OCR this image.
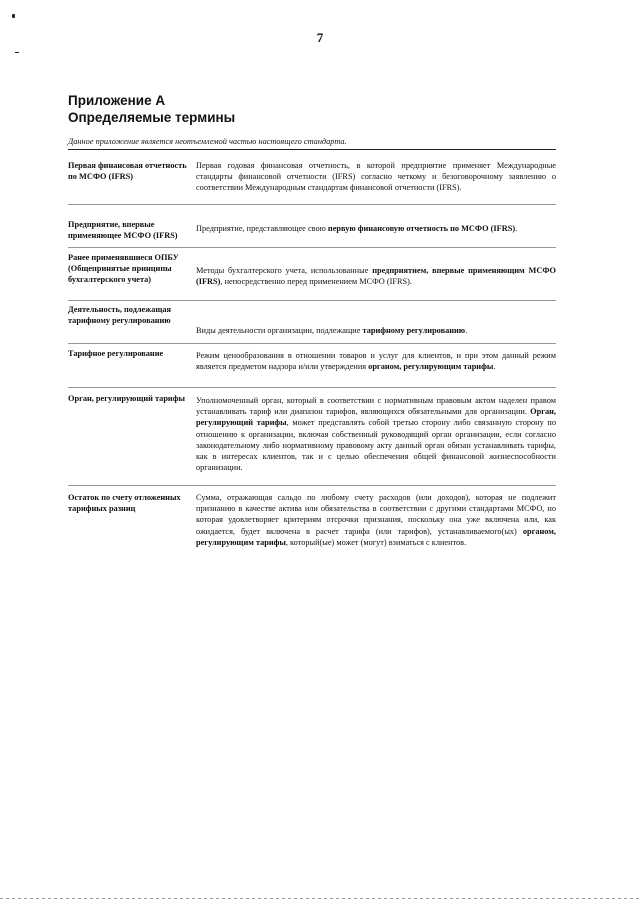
7
Приложение А
Определяемые термины
Данное приложение является неотъемлемой частью настоящего стандарта.
Первая финансовая отчетность по МСФО (IFRS)
Первая годовая финансовая отчетность, в которой предприятие применяет Международные стандарты финансовой отчетности (IFRS) согласно четкому и безоговорочному заявлению о соответствии Международным стандартам финансовой отчетности (IFRS).
Предприятие, впервые применяющее МСФО (IFRS)
Предприятие, представляющее свою первую финансовую отчетность по МСФО (IFRS).
Ранее применявшиеся ОПБУ (Общепринятые принципы бухгалтерского учета)
Методы бухгалтерского учета, использованные предприятием, впервые применяющим МСФО (IFRS), непосредственно перед применением МСФО (IFRS).
Деятельность, подлежащая тарифному регулированию
Виды деятельности организации, подлежащие тарифному регулированию.
Тарифное регулирование	Режим ценообразования в отношении товаров и услуг для клиентов, и при этом данный режим является предметом надзора и/или утверждения органом, регулирующим тарифы.
Орган, регулирующий тарифы	Уполномоченный орган, который в соответствии с нормативным правовым актом наделен правом устанавливать тариф или диапазон тарифов, являющихся обязательными для организации. Орган, регулирующий тарифы, может представлять собой третью сторону либо связанную сторону по отношению к организации, включая собственный руководящий орган организации, если согласно законодательному либо нормативному правовому акту данный орган обязан устанавливать тарифы, как в интересах клиентов, так и с целью обеспечения общей финансовой жизнеспособности организации.
Остаток по счету отложенных тарифных разниц
Сумма, отражающая сальдо по любому счету расходов (или доходов), которая не подлежит признанию в качестве актива или обязательства в соответствии с другими стандартами МСФО, но которая удовлетворяет критериям отсрочки признания, поскольку она уже включена или, как ожидается, будет включена в расчет тарифа (или тарифов), устанавливаемого(ых) органом, регулирующим тарифы, который(ые) может (могут) взиматься с клиентов.
